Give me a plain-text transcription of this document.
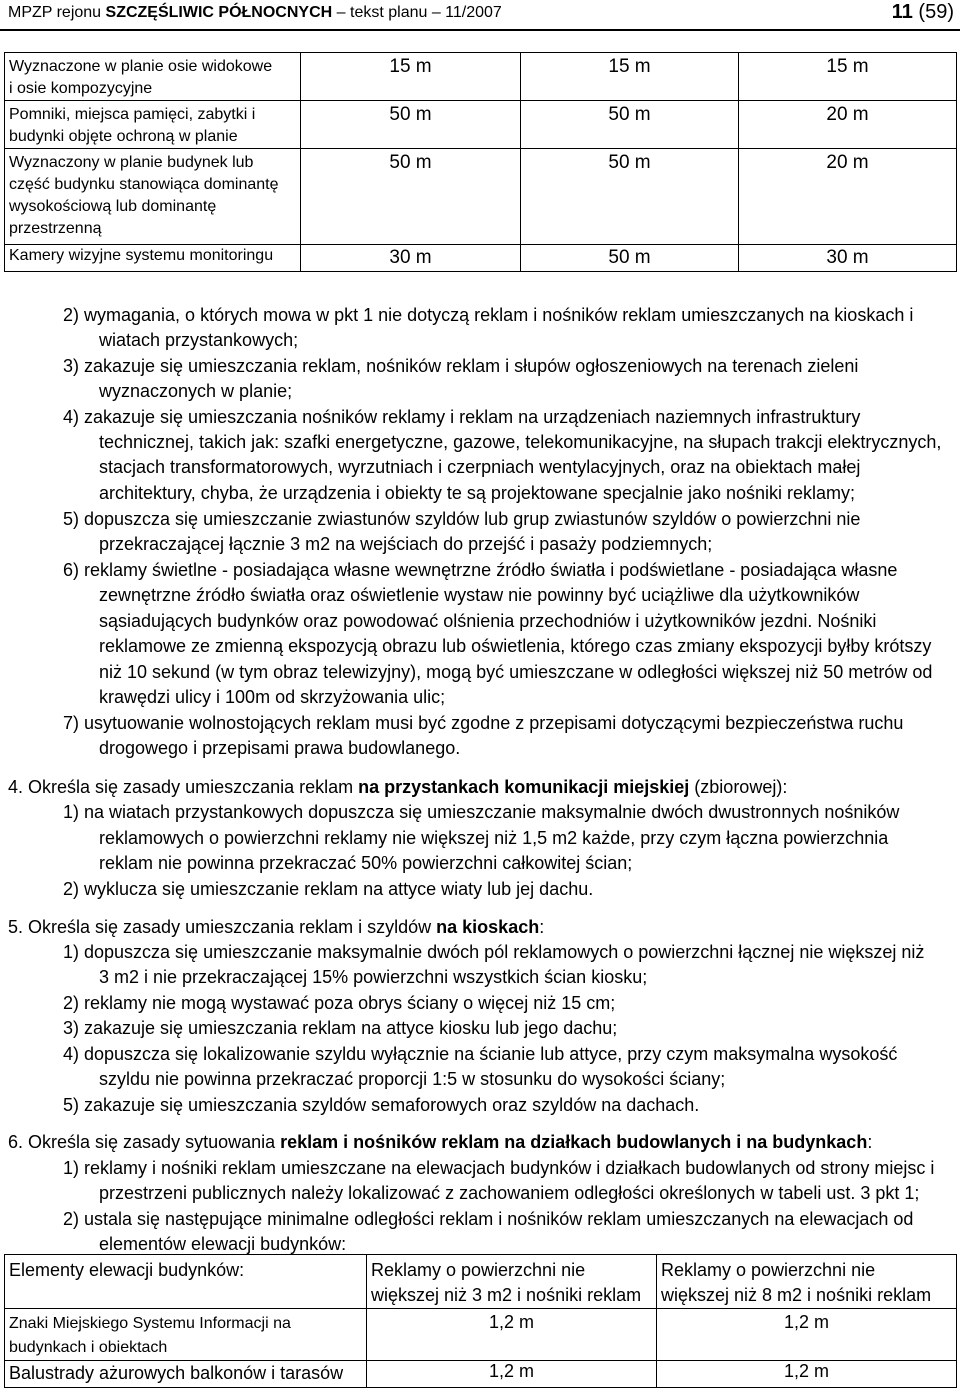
MPZP rejonu SZCZĘŚLIWIC PÓŁNOCNYCH – tekst planu – 11/2007	11 (59)
Wyznaczone w planie osie widokowe
i osie kompozycyjne	15 m	15 m	15 m
Pomniki, miejsca pamięci, zabytki i
budynki objęte ochroną w planie	50 m	50 m	20 m
Wyznaczony w planie budynek lub
część budynku stanowiąca dominantę
wysokościową lub dominantę
przestrzenną	50 m	50 m	20 m
Kamery wizyjne systemu monitoringu	30 m	50 m	30 m
2) wymagania, o których mowa w pkt 1 nie dotyczą reklam i nośników reklam umieszczanych na kioskach i
wiatach przystankowych;
3) zakazuje się umieszczania reklam, nośników reklam i słupów ogłoszeniowych na terenach zieleni
wyznaczonych w planie;
4) zakazuje się umieszczania nośników reklamy i reklam na urządzeniach naziemnych infrastruktury
technicznej, takich jak: szafki energetyczne, gazowe, telekomunikacyjne, na słupach trakcji elektrycznych,
stacjach transformatorowych, wyrzutniach i czerpniach wentylacyjnych, oraz na obiektach małej
architektury, chyba, że urządzenia i obiekty te są projektowane specjalnie jako nośniki reklamy;
5) dopuszcza się umieszczanie zwiastunów szyldów lub grup zwiastunów szyldów o powierzchni nie
przekraczającej łącznie 3 m2 na wejściach do przejść i pasaży podziemnych;
6) reklamy świetlne - posiadająca własne wewnętrzne źródło światła i podświetlane - posiadająca własne
zewnętrzne źródło światła oraz oświetlenie wystaw nie powinny być uciążliwe dla użytkowników
sąsiadujących budynków oraz powodować olśnienia przechodniów i użytkowników jezdni. Nośniki
reklamowe ze zmienną ekspozycją obrazu lub oświetlenia, którego czas zmiany ekspozycji byłby krótszy
niż 10 sekund (w tym obraz telewizyjny), mogą być umieszczane w odległości większej niż 50 metrów od
krawędzi ulicy i 100m od skrzyżowania ulic;
7) usytuowanie wolnostojących reklam musi być zgodne z przepisami dotyczącymi bezpieczeństwa ruchu
drogowego i przepisami prawa budowlanego.
4. Określa się zasady umieszczania reklam na przystankach komunikacji miejskiej (zbiorowej):
1) na wiatach przystankowych dopuszcza się umieszczanie maksymalnie dwóch dwustronnych nośników
reklamowych o powierzchni reklamy nie większej niż 1,5 m2 każde, przy czym łączna powierzchnia
reklam nie powinna przekraczać 50% powierzchni całkowitej ścian;
2) wyklucza się umieszczanie reklam na attyce wiaty lub jej dachu.
5. Określa się zasady umieszczania reklam i szyldów na kioskach:
1) dopuszcza się umieszczanie maksymalnie dwóch pól reklamowych o powierzchni łącznej nie większej niż
3 m2 i nie przekraczającej 15% powierzchni wszystkich ścian kiosku;
2) reklamy nie mogą wystawać poza obrys ściany o więcej niż 15 cm;
3) zakazuje się umieszczania reklam na attyce kiosku lub jego dachu;
4) dopuszcza się lokalizowanie szyldu wyłącznie na ścianie lub attyce, przy czym maksymalna wysokość
szyldu nie powinna przekraczać proporcji 1:5 w stosunku do wysokości ściany;
5) zakazuje się umieszczania szyldów semaforowych oraz szyldów na dachach.
6. Określa się zasady sytuowania reklam i nośników reklam na działkach budowlanych i na budynkach:
1) reklamy i nośniki reklam umieszczane na elewacjach budynków i działkach budowlanych od strony miejsc i
przestrzeni publicznych należy lokalizować z zachowaniem odległości określonych w tabeli ust. 3 pkt 1;
2) ustala się następujące minimalne odległości reklam i nośników reklam umieszczanych na elewacjach od
elementów elewacji budynków:
Elementy elewacji budynków:	Reklamy o powierzchni nie
większej niż 3 m2 i nośniki reklam	Reklamy o powierzchni nie
większej niż 8 m2 i nośniki reklam
Znaki Miejskiego Systemu Informacji na
budynkach i obiektach	1,2 m	1,2 m
Balustrady ażurowych balkonów i tarasów	1,2 m	1,2 m
